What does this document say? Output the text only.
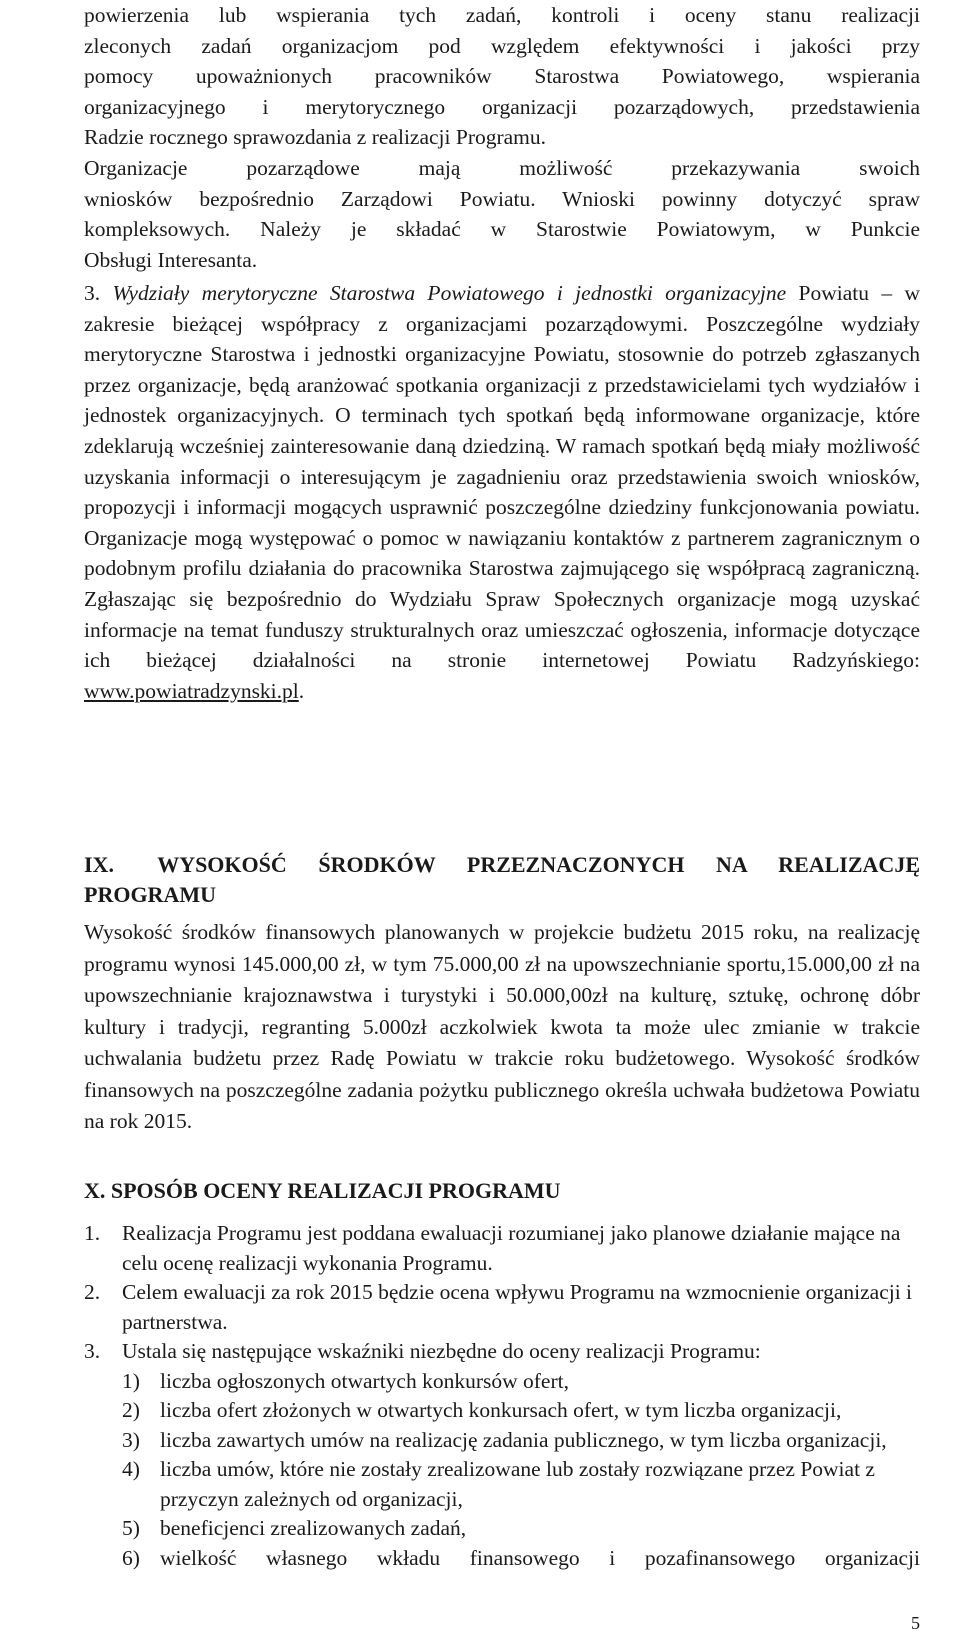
powierzenia lub wspierania tych zadań, kontroli i oceny stanu realizacji
zleconych zadań organizacjom pod względem efektywności i jakości przy
pomocy upoważnionych pracowników Starostwa Powiatowego, wspierania
organizacyjnego i merytorycznego organizacji pozarządowych, przedstawienia
Radzie rocznego sprawozdania z realizacji Programu.
Organizacje pozarządowe mają możliwość przekazywania swoich
wniosków bezpośrednio Zarządowi Powiatu. Wnioski powinny dotyczyć spraw
kompleksowych. Należy je składać w Starostwie Powiatowym, w Punkcie
Obsługi Interesanta.
3. Wydziały merytoryczne Starostwa Powiatowego i jednostki organizacyjne Powiatu – w zakresie bieżącej współpracy z organizacjami pozarządowymi. Poszczególne wydziały merytoryczne Starostwa i jednostki organizacyjne Powiatu, stosownie do potrzeb zgłaszanych przez organizacje, będą aranżować spotkania organizacji z przedstawicielami tych wydziałów i jednostek organizacyjnych. O terminach tych spotkań będą informowane organizacje, które zdeklarują wcześniej zainteresowanie daną dziedziną. W ramach spotkań będą miały możliwość uzyskania informacji o interesującym je zagadnieniu oraz przedstawienia swoich wniosków, propozycji i informacji mogących usprawnić poszczególne dziedziny funkcjonowania powiatu. Organizacje mogą występować o pomoc w nawiązaniu kontaktów z partnerem zagranicznym o podobnym profilu działania do pracownika Starostwa zajmującego się współpracą zagraniczną. Zgłaszając się bezpośrednio do Wydziału Spraw Społecznych organizacje mogą uzyskać informacje na temat funduszy strukturalnych oraz umieszczać ogłoszenia, informacje dotyczące ich bieżącej działalności na stronie internetowej Powiatu Radzyńskiego: www.powiatradzynski.pl.
IX. WYSOKOŚĆ ŚRODKÓW PRZEZNACZONYCH NA REALIZACJĘ PROGRAMU
Wysokość środków finansowych planowanych w projekcie budżetu 2015 roku, na realizację programu wynosi 145.000,00 zł, w tym 75.000,00 zł na upowszechnianie sportu,15.000,00 zł na upowszechnianie krajoznawstwa i turystyki i 50.000,00zł na kulturę, sztukę, ochronę dóbr kultury i tradycji, regranting 5.000zł aczkolwiek kwota ta może ulec zmianie w trakcie uchwalania budżetu przez Radę Powiatu w trakcie roku budżetowego. Wysokość środków finansowych na poszczególne zadania pożytku publicznego określa uchwała budżetowa Powiatu na rok 2015.
X. SPOSÓB OCENY REALIZACJI PROGRAMU
1. Realizacja Programu jest poddana ewaluacji rozumianej jako planowe działanie mające na celu ocenę realizacji wykonania Programu.
2. Celem ewaluacji za rok 2015 będzie ocena wpływu Programu na wzmocnienie organizacji i partnerstwa.
3. Ustala się następujące wskaźniki niezbędne do oceny realizacji Programu:
1) liczba ogłoszonych otwartych konkursów ofert,
2) liczba ofert złożonych w otwartych konkursach ofert, w tym liczba organizacji,
3) liczba zawartych umów na realizację zadania publicznego, w tym liczba organizacji,
4) liczba umów, które nie zostały zrealizowane lub zostały rozwiązane przez Powiat z przyczyn zależnych od organizacji,
5) beneficjenci zrealizowanych zadań,
6) wielkość własnego wkładu finansowego i pozafinansowego organizacji
5
